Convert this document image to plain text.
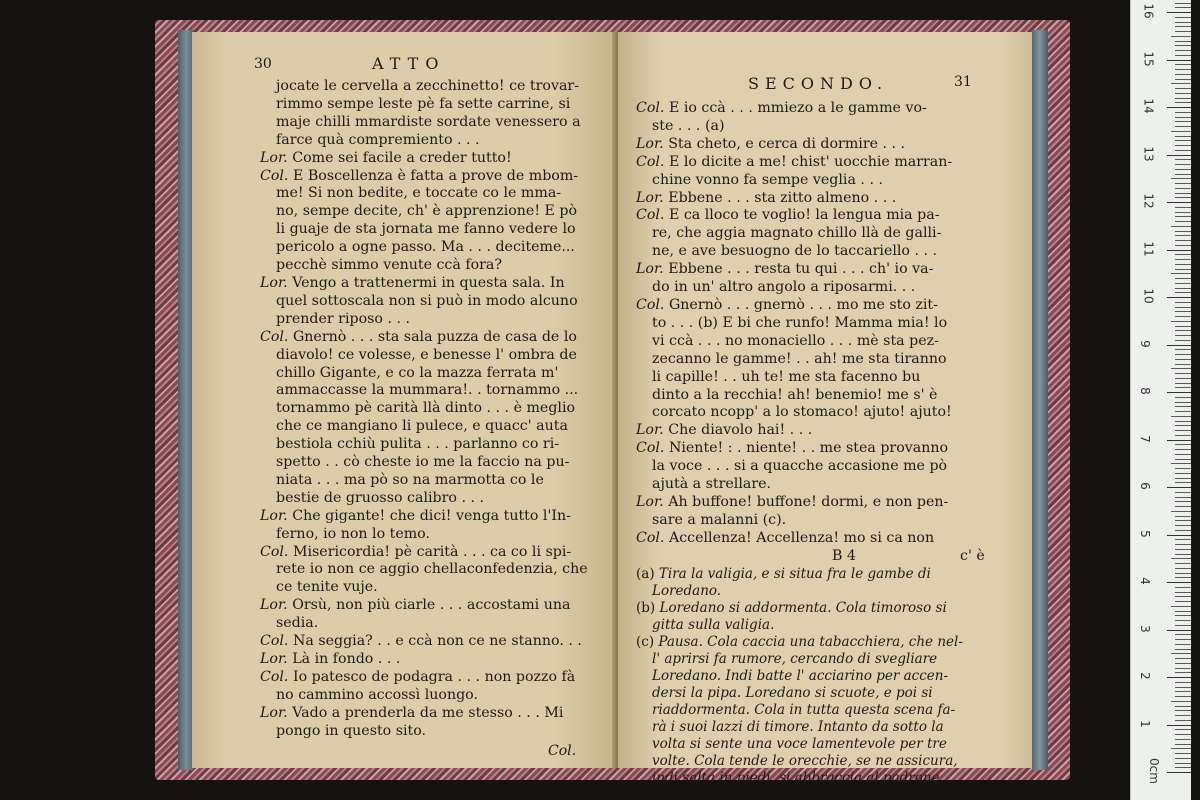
30	ATTO
jocate le cervella a zecchinetto! ce trovar-
rimmo sempe leste pè fa sette carrine, si
maje chilli mmardiste sordate venessero a
farce quà compremiento . . .
Lor. Come sei facile a creder tutto!
Col. E Boscellenza è fatta a prove de mbom-
me! Si non bedite, e toccate co le mma-
no, sempe decite, ch' è apprenzione! E pò
li guaje de sta jornata me fanno vedere lo
pericolo a ogne passo. Ma . . . deciteme...
pecchè simmo venute ccà fora?
Lor. Vengo a trattenermi in questa sala. In
quel sottoscala non si può in modo alcuno
prender riposo . . .
Col. Gnernò . . . sta sala puzza de casa de lo
diavolo! ce volesse, e benesse l' ombra de
chillo Gigante, e co la mazza ferrata m'
ammaccasse la mummara!. . tornammo ...
tornammo pè carità llà dinto . . . è meglio
che ce mangiano li pulece, e quacc' auta
bestiola cchiù pulita . . . parlanno co ri-
spetto . . cò cheste io me la faccio na pu-
niata . . . ma pò so na marmotta co le
bestie de gruosso calibro . . .
Lor. Che gigante! che dici! venga tutto l'In-
ferno, io non lo temo.
Col. Misericordia! pè carità . . . ca co li spi-
rete io non ce aggio chellaconfedenzia, che
ce tenite vuje.
Lor. Orsù, non più ciarle . . . accostami una
sedia.
Col. Na seggia? . . e ccà non ce ne stanno. . .
Lor. Là in fondo . . .
Col. Io patesco de podagra . . . non pozzo fà
no cammino accossì luongo.
Lor. Vado a prenderla da me stesso . . . Mi
pongo in questo sito.
Col.
SECONDO.	31
Col. E io ccà . . . mmiezo a le gamme vo-
ste . . . (a)
Lor. Sta cheto, e cerca di dormire . . .
Col. E lo dicite a me! chist' uocchie marran-
chine vonno fa sempe veglia . . .
Lor. Ebbene . . . sta zitto almeno . . .
Col. E ca lloco te voglio! la lengua mia pa-
re, che aggia magnato chillo llà de galli-
ne, e ave besuogno de lo taccariello . . .
Lor. Ebbene . . . resta tu qui . . . ch' io va-
do in un' altro angolo a riposarmi. . .
Col. Gnernò . . . gnernò . . . mo me sto zit-
to . . . (b) E bi che runfo! Mamma mia! lo
vi ccà . . . no monaciello . . . mè sta pez-
zecanno le gamme! . . ah! me sta tiranno
li capille! . . uh te! me sta facenno bu
dinto a la recchia! ah! benemio! me s' è
corcato ncopp' a lo stomaco! ajuto! ajuto!
Lor. Che diavolo hai! . . .
Col. Niente! : . niente! . . me stea provanno
la voce . . . si a quacche accasione me pò
ajutà a strellare.
Lor. Ah buffone! buffone! dormi, e non pen-
sare a malanni (c).
Col. Accellenza! Accellenza! mo si ca non
B 4	c' è

(a) Tira la valigia, e si situa fra le gambe di
Loredano.
(b) Loredano si addormenta. Cola timoroso si
gitta sulla valigia.
(c) Pausa. Cola caccia una tabacchiera, che nel-
l' aprirsi fa rumore, cercando di svegliare
Loredano. Indi batte l' acciarino per accen-
dersi la pipa. Loredano si scuote, e poi si
riaddormenta. Cola in tutta questa scena fa-
rà i suoi lazzi di timore. Intanto da sotto la
volta si sente una voce lamentevole per tre
volte. Cola tende le orecchie, se ne assicura,
indi salta in piedi, si abbraccia al padrone.	0cm
1
2
3
4
5
6
7
8
9
10
11
12
13
14
15
16
